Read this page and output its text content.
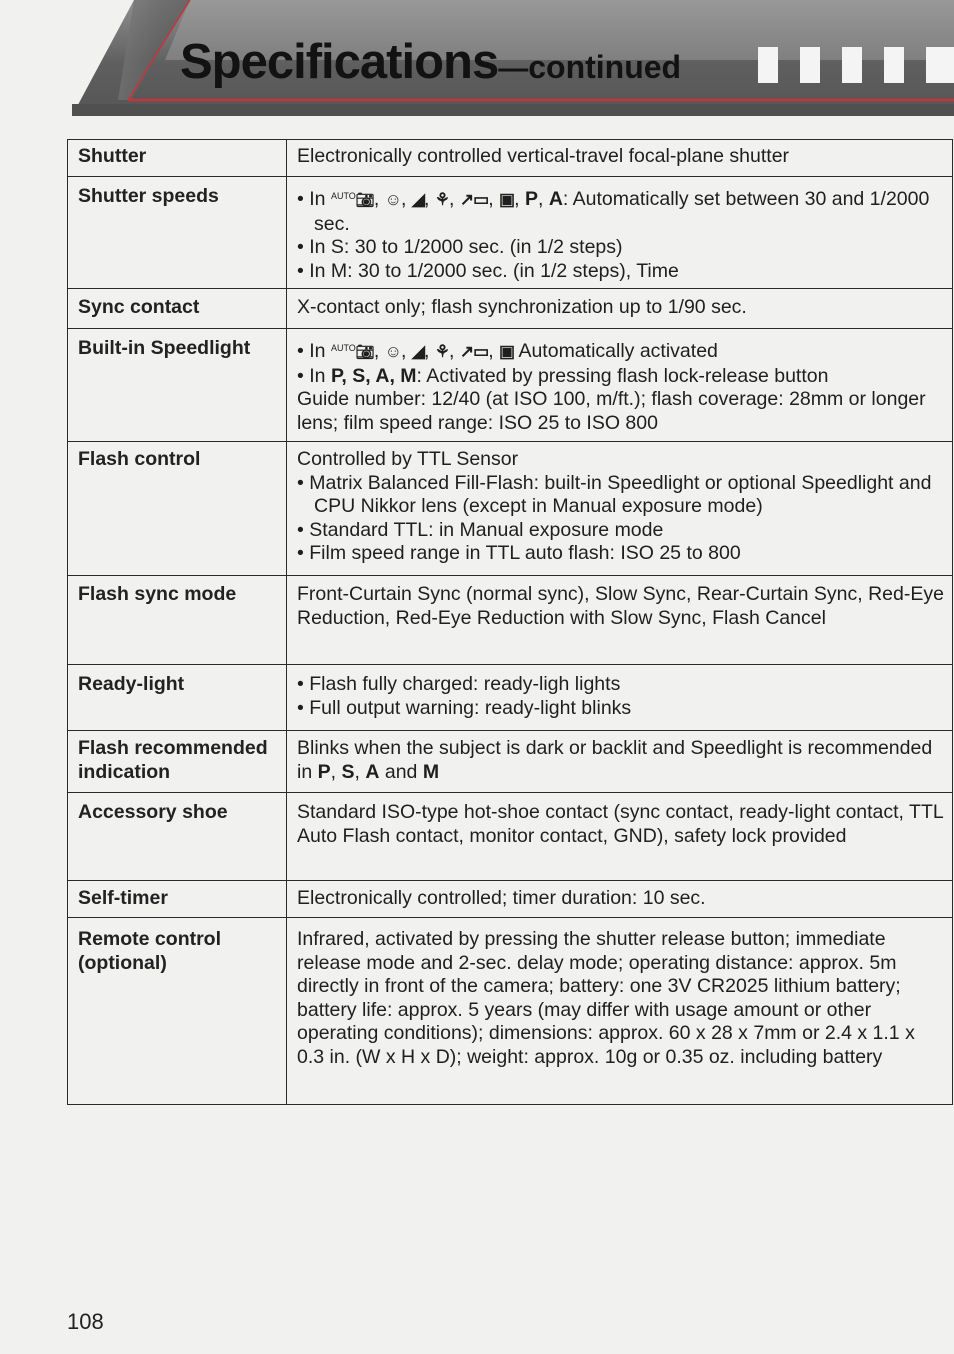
Specifications—continued
Shutter	Electronically controlled vertical-travel focal-plane shutter
Shutter speeds	• In $^{AUTO}$📷︎, ☺︎, ◢, ⚘, ↗▭, ▣, P, A: Automatically set between 30 and 1/2000 sec.
• In S: 30 to 1/2000 sec. (in 1/2 steps)
• In M: 30 to 1/2000 sec. (in 1/2 steps), Time

Sync contact	X-contact only; flash synchronization up to 1/90 sec.
Built-in Speedlight	• In $^{AUTO}$📷︎, ☺︎, ◢, ⚘, ↗▭, ▣ Automatically activated
• In P, S, A, M: Activated by pressing flash lock-release button
Guide number: 12/40 (at ISO 100, m/ft.); flash coverage: 28mm or longer lens; film speed range: ISO 25 to ISO 800

Flash control	Controlled by TTL Sensor
• Matrix Balanced Fill-Flash: built-in Speedlight or optional Speedlight and CPU Nikkor lens (except in Manual exposure mode)
• Standard TTL: in Manual exposure mode
• Film speed range in TTL auto flash: ISO 25 to 800

Flash sync mode	Front-Curtain Sync (normal sync), Slow Sync, Rear-Curtain Sync, Red-Eye Reduction, Red-Eye Reduction with Slow Sync, Flash Cancel
Ready-light	• Flash fully charged: ready-ligh lights
• Full output warning: ready-light blinks

Flash recommended indication	Blinks when the subject is dark or backlit and Speedlight is recommended in P, S, A and M
Accessory shoe	Standard ISO-type hot-shoe contact (sync contact, ready-light contact, TTL Auto Flash contact, monitor contact, GND), safety lock provided
Self-timer	Electronically controlled; timer duration: 10 sec.
Remote control (optional)	Infrared, activated by pressing the shutter release button; immediate release mode and 2-sec. delay mode; operating distance: approx. 5m directly in front of the camera; battery: one 3V CR2025 lithium battery; battery life: approx. 5 years (may differ with usage amount or other operating conditions); dimensions: approx. 60 x 28 x 7mm or 2.4 x 1.1 x 0.3 in. (W x H x D); weight: approx. 10g or 0.35 oz. including battery
108
